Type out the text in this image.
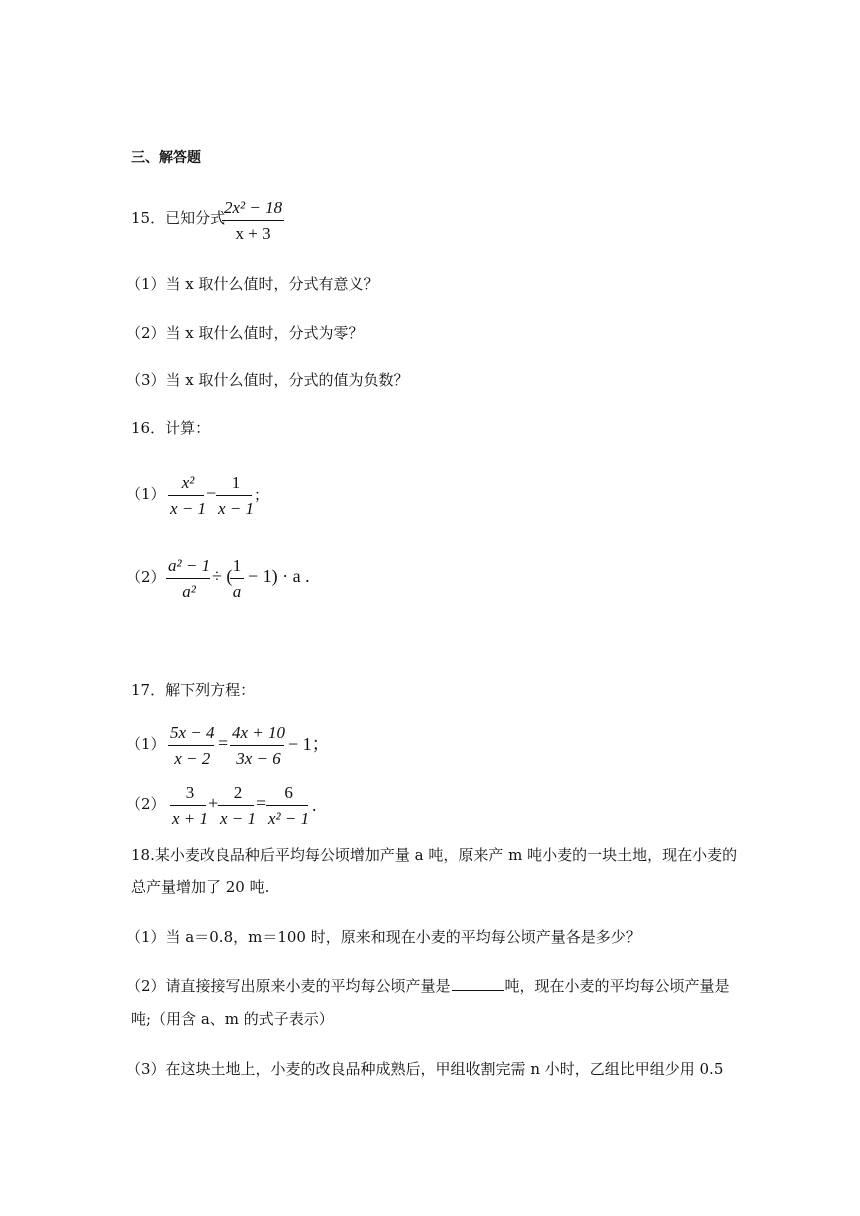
三、解答题
15．已知分式
2x² − 18
x + 3
（1）当 x 取什么值时，分式有意义？
（2）当 x 取什么值时，分式为零？
（3）当 x 取什么值时，分式的值为负数？
16．计算：
（1）
x²
x − 1
−
1
x − 1
；
（2）
a² − 1
a²
÷ (
1
a
− 1) · a .
17．解下列方程：
（1）
5x − 4
x − 2
=
4x + 10
3x − 6
− 1；
（2）
3
x + 1
+
2
x − 1
=
6
x² − 1
.
18.某小麦改良品种后平均每公顷增加产量 a 吨，原来产 m 吨小麦的一块土地，现在小麦的
总产量增加了 20 吨.
（1）当 a＝0.8，m＝100 时，原来和现在小麦的平均每公顷产量各是多少？
（2）请直接接写出原来小麦的平均每公顷产量是	吨，现在小麦的平均每公顷产量是
吨;（用含 a、m 的式子表示）
（3）在这块土地上，小麦的改良品种成熟后，甲组收割完需 n 小时，乙组比甲组少用 0.5
